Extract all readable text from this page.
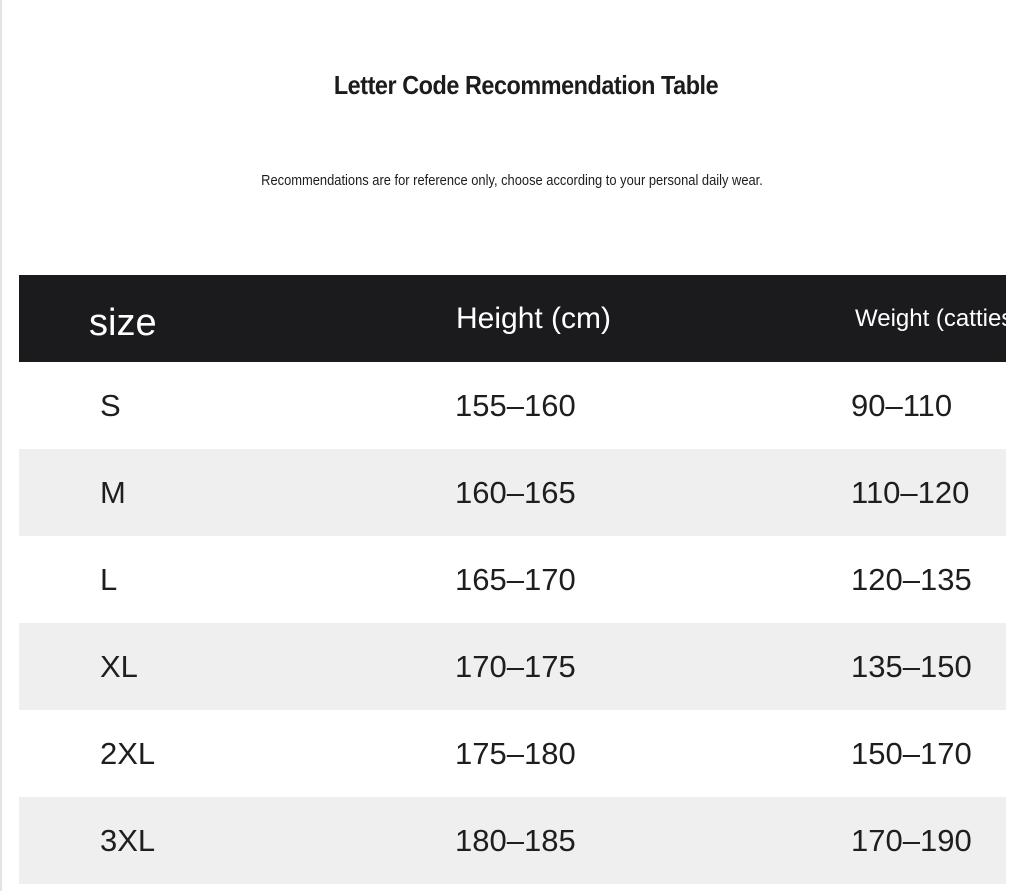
Letter Code Recommendation Table

Recommendations are for reference only, choose according to your personal daily wear.

size	Height (cm)	Weight (catties)
S	155–160	90–110
M	160–165	110–120
L	165–170	120–135
XL	170–175	135–150
2XL	175–180	150–170
3XL	180–185	170–190
